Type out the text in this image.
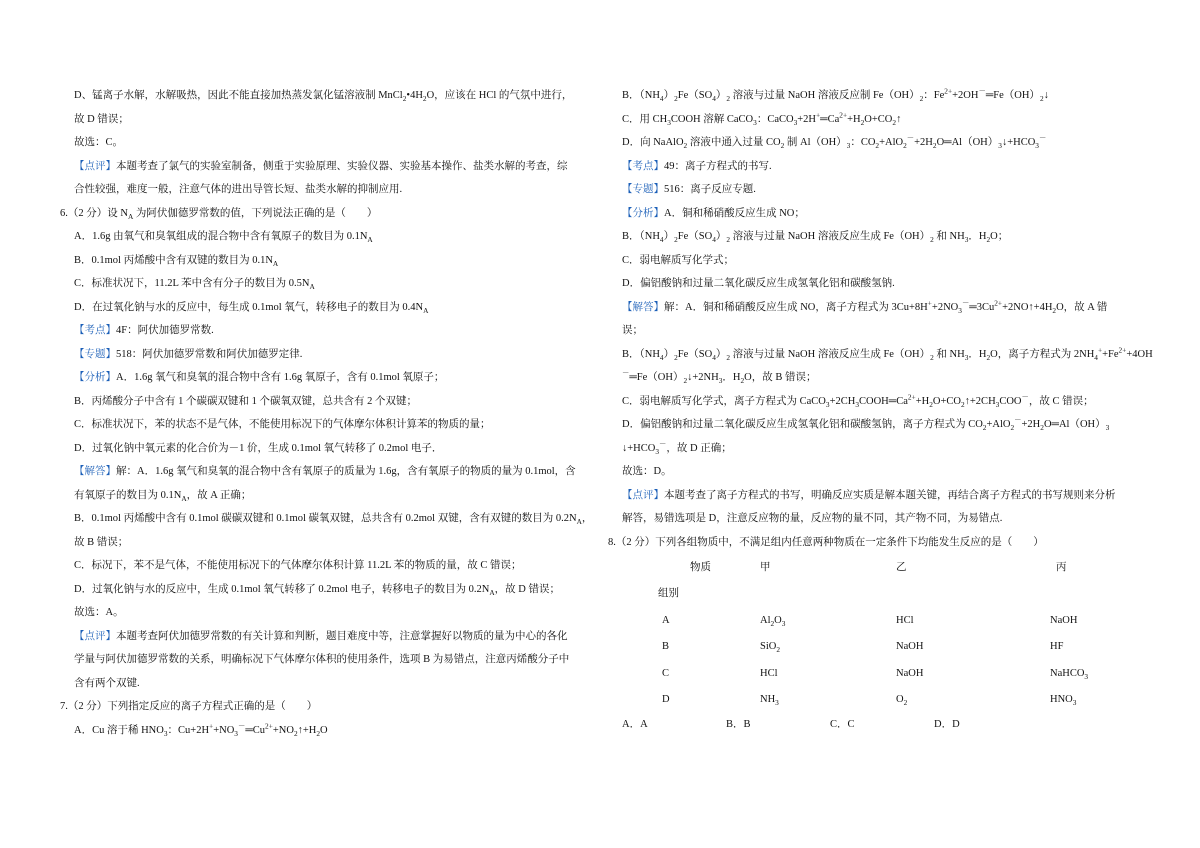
D、锰离子水解，水解吸热，因此不能直接加热蒸发氯化锰溶液制 $MnCl_2•4H_2O$，应该在 HCl 的气氛中进行，
故 D 错误；
故选：C。
【点评】本题考查了氯气的实验室制备，侧重于实验原理、实验仪器、实验基本操作、盐类水解的考查，综
合性较强，难度一般，注意气体的进出导管长短、盐类水解的抑制应用.
6.（2 分）设 $N_A$ 为阿伏伽德罗常数的值，下列说法正确的是（　　）
A．1.6g 由氧气和臭氧组成的混合物中含有氧原子的数目为 $0.1N_A$
B．0.1mol 丙烯酸中含有双键的数目为 $0.1N_A$
C．标准状况下，11.2L 苯中含有分子的数目为 $0.5N_A$
D．在过氧化钠与水的反应中，每生成 0.1mol 氧气，转移电子的数目为 $0.4N_A$
【考点】4F：阿伏加德罗常数.
【专题】518：阿伏加德罗常数和阿伏加德罗定律.
【分析】A．1.6g 氧气和臭氧的混合物中含有 1.6g 氧原子，含有 0.1mol 氧原子；
B．丙烯酸分子中含有 1 个碳碳双键和 1 个碳氧双键，总共含有 2 个双键；
C．标准状况下，苯的状态不是气体，不能使用标况下的气体摩尔体积计算苯的物质的量；
D．过氧化钠中氧元素的化合价为－1 价，生成 0.1mol 氧气转移了 0.2mol 电子．
【解答】解：A．1.6g 氧气和臭氧的混合物中含有氧原子的质量为 1.6g，含有氧原子的物质的量为 0.1mol，含
有氧原子的数目为 $0.1N_A$，故 A 正确；
B．0.1mol 丙烯酸中含有 0.1mol 碳碳双键和 0.1mol 碳氧双键，总共含有 0.2mol 双键，含有双键的数目为 $0.2N_A$，
故 B 错误；
C．标况下，苯不是气体，不能使用标况下的气体摩尔体积计算 11.2L 苯的物质的量，故 C 错误；
D．过氧化钠与水的反应中，生成 0.1mol 氧气转移了 0.2mol 电子，转移电子的数目为 $0.2N_A$，故 D 错误；
故选：A。
【点评】本题考查阿伏加德罗常数的有关计算和判断，题目难度中等，注意掌握好以物质的量为中心的各化
学量与阿伏加德罗常数的关系，明确标况下气体摩尔体积的使用条件，选项 B 为易错点，注意丙烯酸分子中
含有两个双键.
7.（2 分）下列指定反应的离子方程式正确的是（　　）
A．Cu 溶于稀 $HNO_3$：$Cu+2H^++NO_3^-═Cu^{2+}+NO_2↑+H_2O$
B．$(NH_4)_2Fe(SO_4)_2$ 溶液与过量 NaOH 溶液反应制 $Fe(OH)_2$：$Fe^{2+}+2OH^-═Fe(OH)_2↓$
C．用 $CH_3COOH$ 溶解 CaCO$_3$：$CaCO_3+2H^+═Ca^{2+}+H_2O+CO_2↑$
D．向 NaAlO$_2$ 溶液中通入过量 $CO_2$ 制 $Al(OH)_3$：$CO_2+AlO_2^-+2H_2O═Al(OH)_3↓+HCO_3^-$
【考点】49：离子方程式的书写.
【专题】516：离子反应专题.
【分析】A．铜和稀硝酸反应生成 NO；
B．$(NH_4)_2Fe(SO_4)_2$ 溶液与过量 NaOH 溶液反应生成 $Fe(OH)_2$ 和 $NH_3$．$H_2O$；
C．弱电解质写化学式；
D．偏铝酸钠和过量二氧化碳反应生成氢氧化铝和碳酸氢钠.
【解答】解：A．铜和稀硝酸反应生成 NO，离子方程式为 $3Cu+8H^++2NO_3^-═3Cu^{2+}+2NO↑+4H_2O$，故 A 错
误；
B．$(NH_4)_2Fe(SO_4)_2$ 溶液与过量 NaOH 溶液反应生成 $Fe(OH)_2$ 和 $NH_3$．$H_2O$，离子方程式为 $2NH_4^++Fe^{2+}+4OH$
$^-═Fe(OH)_2↓+2NH_3$．$H_2O$，故 B 错误；
C．弱电解质写化学式，离子方程式为 $CaCO_3+2CH_3COOH═Ca^{2+}+H_2O+CO_2↑+2CH_3COO^-$，故 C 错误；
D．偏铝酸钠和过量二氧化碳反应生成氢氧化铝和碳酸氢钠，离子方程式为 $CO_2+AlO_2^-+2H_2O═Al(OH)_3$
$↓+HCO_3^-$，故 D 正确；
故选：D。
【点评】本题考查了离子方程式的书写，明确反应实质是解本题关键，再结合离子方程式的书写规则来分析
解答，易错选项是 D，注意反应物的量，反应物的量不同，其产物不同，为易错点.
8.（2 分）下列各组物质中，不满足组内任意两种物质在一定条件下均能发生反应的是（　　）
物质	甲	乙	丙
组别			
A	$Al_2O_3$	HCl	NaOH
B	SiO$_2$	NaOH	HF
C	HCl	NaOH	NaHCO$_3$
D	$NH_3$	$O_2$	$HNO_3$
A．A	B．B	C．C	D．D
